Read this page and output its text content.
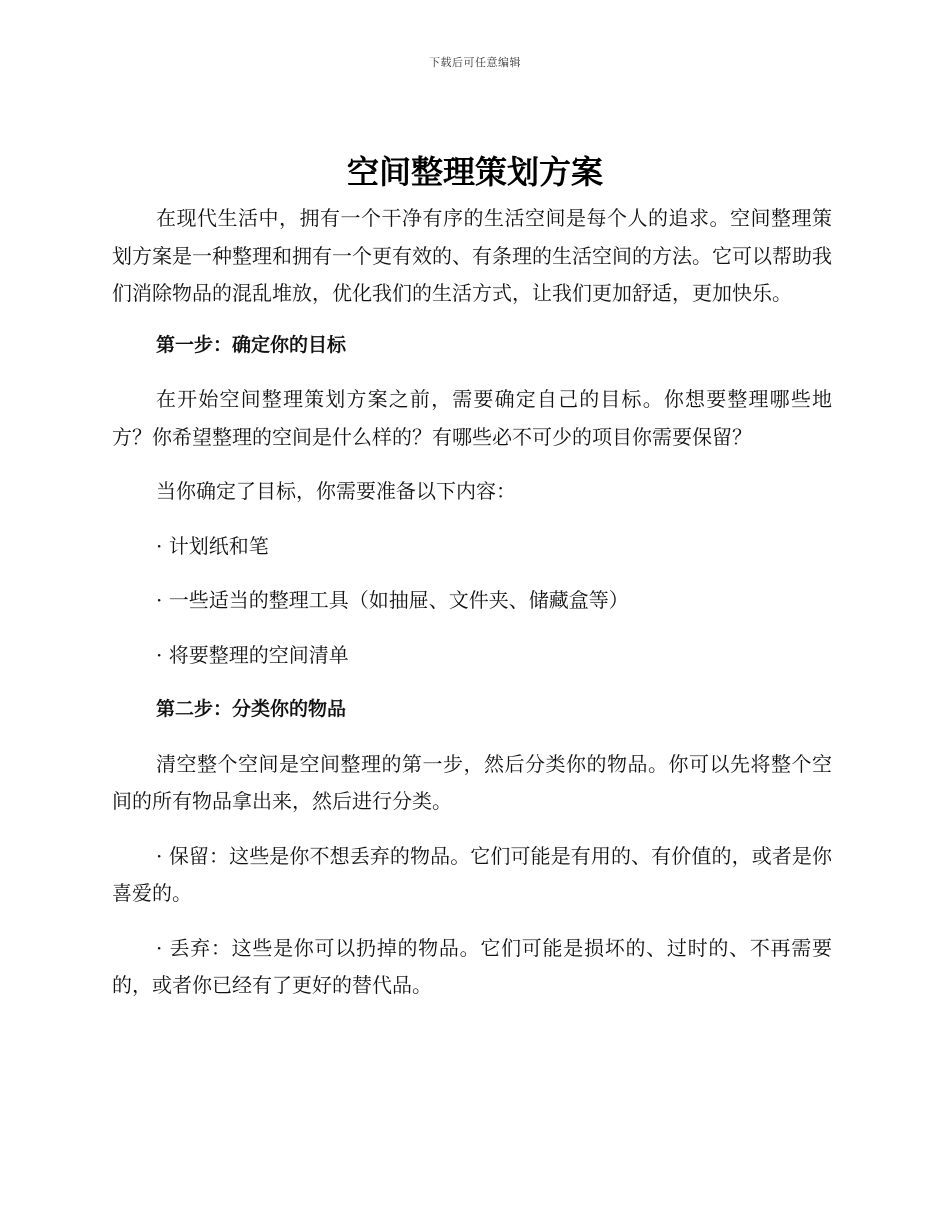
下载后可任意编辑
空间整理策划方案

在现代生活中，拥有一个干净有序的生活空间是每个人的追求。空间整理策划方案是一种整理和拥有一个更有效的、有条理的生活空间的方法。它可以帮助我们消除物品的混乱堆放，优化我们的生活方式，让我们更加舒适，更加快乐。

第一步：确定你的目标

在开始空间整理策划方案之前，需要确定自己的目标。你想要整理哪些地方？你希望整理的空间是什么样的？有哪些必不可少的项目你需要保留？

当你确定了目标，你需要准备以下内容：

· 计划纸和笔
· 一些适当的整理工具（如抽屉、文件夹、储藏盒等）
· 将要整理的空间清单
第二步：分类你的物品

清空整个空间是空间整理的第一步，然后分类你的物品。你可以先将整个空间的所有物品拿出来，然后进行分类。

· 保留：这些是你不想丢弃的物品。它们可能是有用的、有价值的，或者是你喜爱的。

· 丢弃：这些是你可以扔掉的物品。它们可能是损坏的、过时的、不再需要的，或者你已经有了更好的替代品。
